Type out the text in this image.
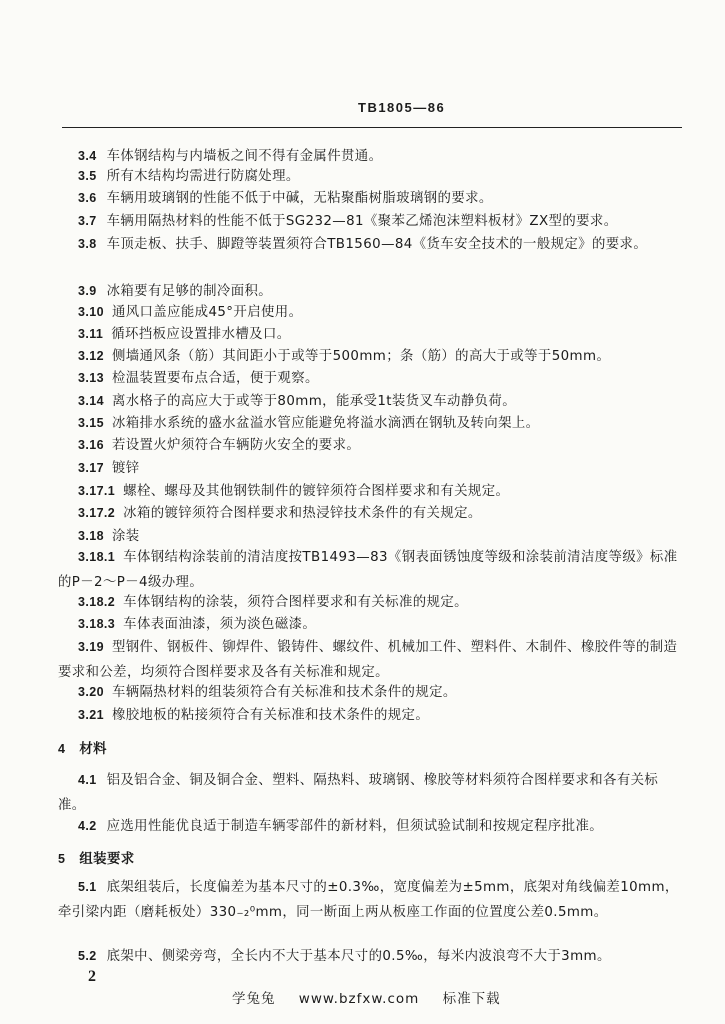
TB1805—86

3.4 车体钢结构与内墙板之间不得有金属件贯通。

3.5 所有木结构均需进行防腐处理。

3.6 车辆用玻璃钢的性能不低于中碱，无粘聚酯树脂玻璃钢的要求。

3.7 车辆用隔热材料的性能不低于SG232—81《聚苯乙烯泡沫塑料板材》ZX型的要求。

3.8 车顶走板、扶手、脚蹬等装置须符合TB1560—84《货车安全技术的一般规定》的要求。

3.9 冰箱要有足够的制冷面积。

3.10 通风口盖应能成45°开启使用。

3.11 循环挡板应设置排水槽及口。

3.12 侧墙通风条（筋）其间距小于或等于500mm；条（筋）的高大于或等于50mm。

3.13 检温装置要布点合适，便于观察。

3.14 离水格子的高应大于或等于80mm，能承受1t装货叉车动静负荷。

3.15 冰箱排水系统的盛水盆溢水管应能避免将溢水滴洒在钢轨及转向架上。

3.16 若设置火炉须符合车辆防火安全的要求。

3.17 镀锌

3.17.1 螺栓、螺母及其他钢铁制件的镀锌须符合图样要求和有关规定。

3.17.2 冰箱的镀锌须符合图样要求和热浸锌技术条件的有关规定。

3.18 涂装

3.18.1 车体钢结构涂装前的清洁度按TB1493—83《钢表面锈蚀度等级和涂装前清洁度等级》标准的P－2～P－4级办理。

3.18.2 车体钢结构的涂装，须符合图样要求和有关标准的规定。

3.18.3 车体表面油漆，须为淡色磁漆。

3.19 型钢件、钢板件、铆焊件、锻铸件、螺纹件、机械加工件、塑料件、木制件、橡胶件等的制造要求和公差，均须符合图样要求及各有关标准和规定。

3.20 车辆隔热材料的组装须符合有关标准和技术条件的规定。

3.21 橡胶地板的粘接须符合有关标准和技术条件的规定。

4 材料

4.1 铝及铝合金、铜及铜合金、塑料、隔热料、玻璃钢、橡胶等材料须符合图样要求和各有关标准。

4.2 应选用性能优良适于制造车辆零部件的新材料，但须试验试制和按规定程序批准。

5 组装要求

5.1 底架组装后，长度偏差为基本尺寸的±0.3‰，宽度偏差为±5mm，底架对角线偏差10mm，牵引梁内距（磨耗板处）330₋₂⁰mm，同一断面上两从板座工作面的位置度公差0.5mm。

5.2 底架中、侧梁旁弯，全长内不大于基本尺寸的0.5‰，每米内波浪弯不大于3mm。

2
学兔兔 www.bzfxw.com 标准下载
